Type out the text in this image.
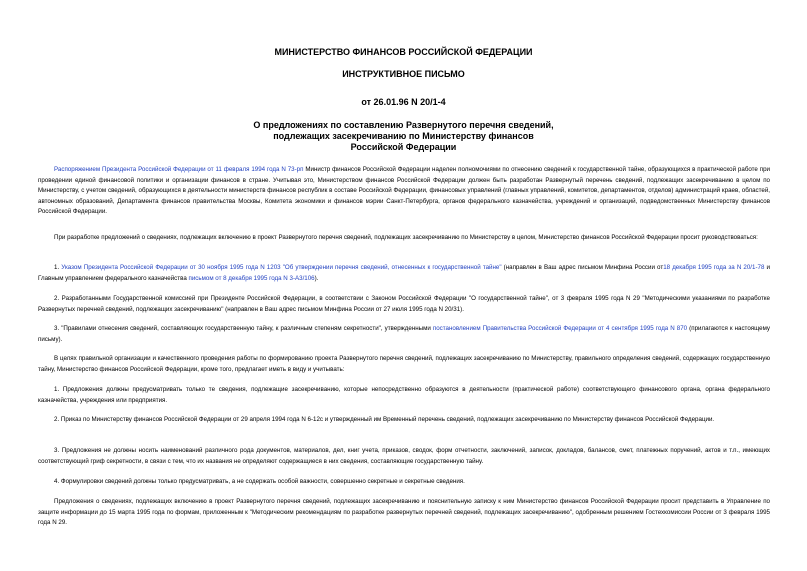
МИНИСТЕРСТВО ФИНАНСОВ РОССИЙСКОЙ ФЕДЕРАЦИИ
ИНСТРУКТИВНОЕ ПИСЬМО
от 26.01.96 N 20/1-4
О предложениях по составлению Развернутого перечня сведений,
подлежащих засекречиванию по Министерству финансов
Российской Федерации
Распоряжением Президента Российской Федерации от 11 февраля 1994 года N 73-рп Министр финансов Российской Федерации наделен полномочиями по отнесению сведений к государственной тайне, образующихся в практической работе при проведении единой финансовой политики и организации финансов в стране. Учитывая это, Министерством финансов Российской Федерации должен быть разработан Развернутый перечень сведений, подлежащих засекречиванию в целом по Министерству, с учетом сведений, образующихся в деятельности министерств финансов республик в составе Российской Федерации, финансовых управлений (главных управлений, комитетов, департаментов, отделов) администраций краев, областей, автономных образований, Департамента финансов правительства Москвы, Комитета экономики и финансов мэрии Санкт-Петербурга, органов федерального казначейства, учреждений и организаций, подведомственных Министерству финансов Российской Федерации.
При разработке предложений о сведениях, подлежащих включению в проект Развернутого перечня сведений, подлежащих засекречиванию по Министерству в целом, Министерство финансов Российской Федерации просит руководствоваться:
1. Указом Президента Российской Федерации от 30 ноября 1995 года N 1203 "Об утверждении перечня сведений, отнесенных к государственной тайне" (направлен в Ваш адрес письмом Минфина России от18 декабря 1995 года за N 20/1-78 и Главным управлением федерального казначейства письмом от 8 декабря 1995 года N 3-А3/106).
2. Разработанными Государственной комиссией при Президенте Российской Федерации, в соответствии с Законом Российской Федерации "О государственной тайне", от 3 февраля 1995 года N 29 "Методическими указаниями по разработке Развернутых перечней сведений, подлежащих засекречиванию" (направлен в Ваш адрес письмом Минфина России от 27 июля 1995 года N 20/31).
3. "Правилами отнесения сведений, составляющих государственную тайну, к различным степеням секретности", утвержденными постановлением Правительства Российской Федерации от 4 сентября 1995 года N 870 (прилагаются к настоящему письму).
В целях правильной организации и качественного проведения работы по формированию проекта Развернутого перечня сведений, подлежащих засекречиванию по Министерству, правильного определения сведений, содержащих государственную тайну, Министерство финансов Российской Федерации, кроме того, предлагает иметь в виду и учитывать:
1. Предложения должны предусматривать только те сведения, подлежащие засекречиванию, которые непосредственно образуются в деятельности (практической работе) соответствующего финансового органа, органа федерального казначейства, учреждения или предприятия.
2. Приказ по Министерству финансов Российской Федерации от 29 апреля 1994 года N 6-12с и утвержденный им Временный перечень сведений, подлежащих засекречиванию по Министерству финансов Российской Федерации.
3. Предложения не должны носить наименований различного рода документов, материалов, дел, книг учета, приказов, сводок, форм отчетности, заключений, записок, докладов, балансов, смет, платежных поручений, актов и т.п., имеющих соответствующий гриф секретности, в связи с тем, что их названия не определяют содержащиеся в них сведения, составляющие государственную тайну.
4. Формулировки сведений должны только предусматривать, а не содержать особой важности, совершенно секретные и секретные сведения.
Предложения о сведениях, подлежащих включению в проект Развернутого перечня сведений, подлежащих засекречиванию и пояснительную записку к ним Министерство финансов Российской Федерации просит представить в Управление по защите информации до 15 марта 1995 года по формам, приложенным к "Методическим рекомендациям по разработке развернутых перечней сведений, подлежащих засекречиванию", одобренным решением Гостехкомиссии России от 3 февраля 1995 года N 29.
